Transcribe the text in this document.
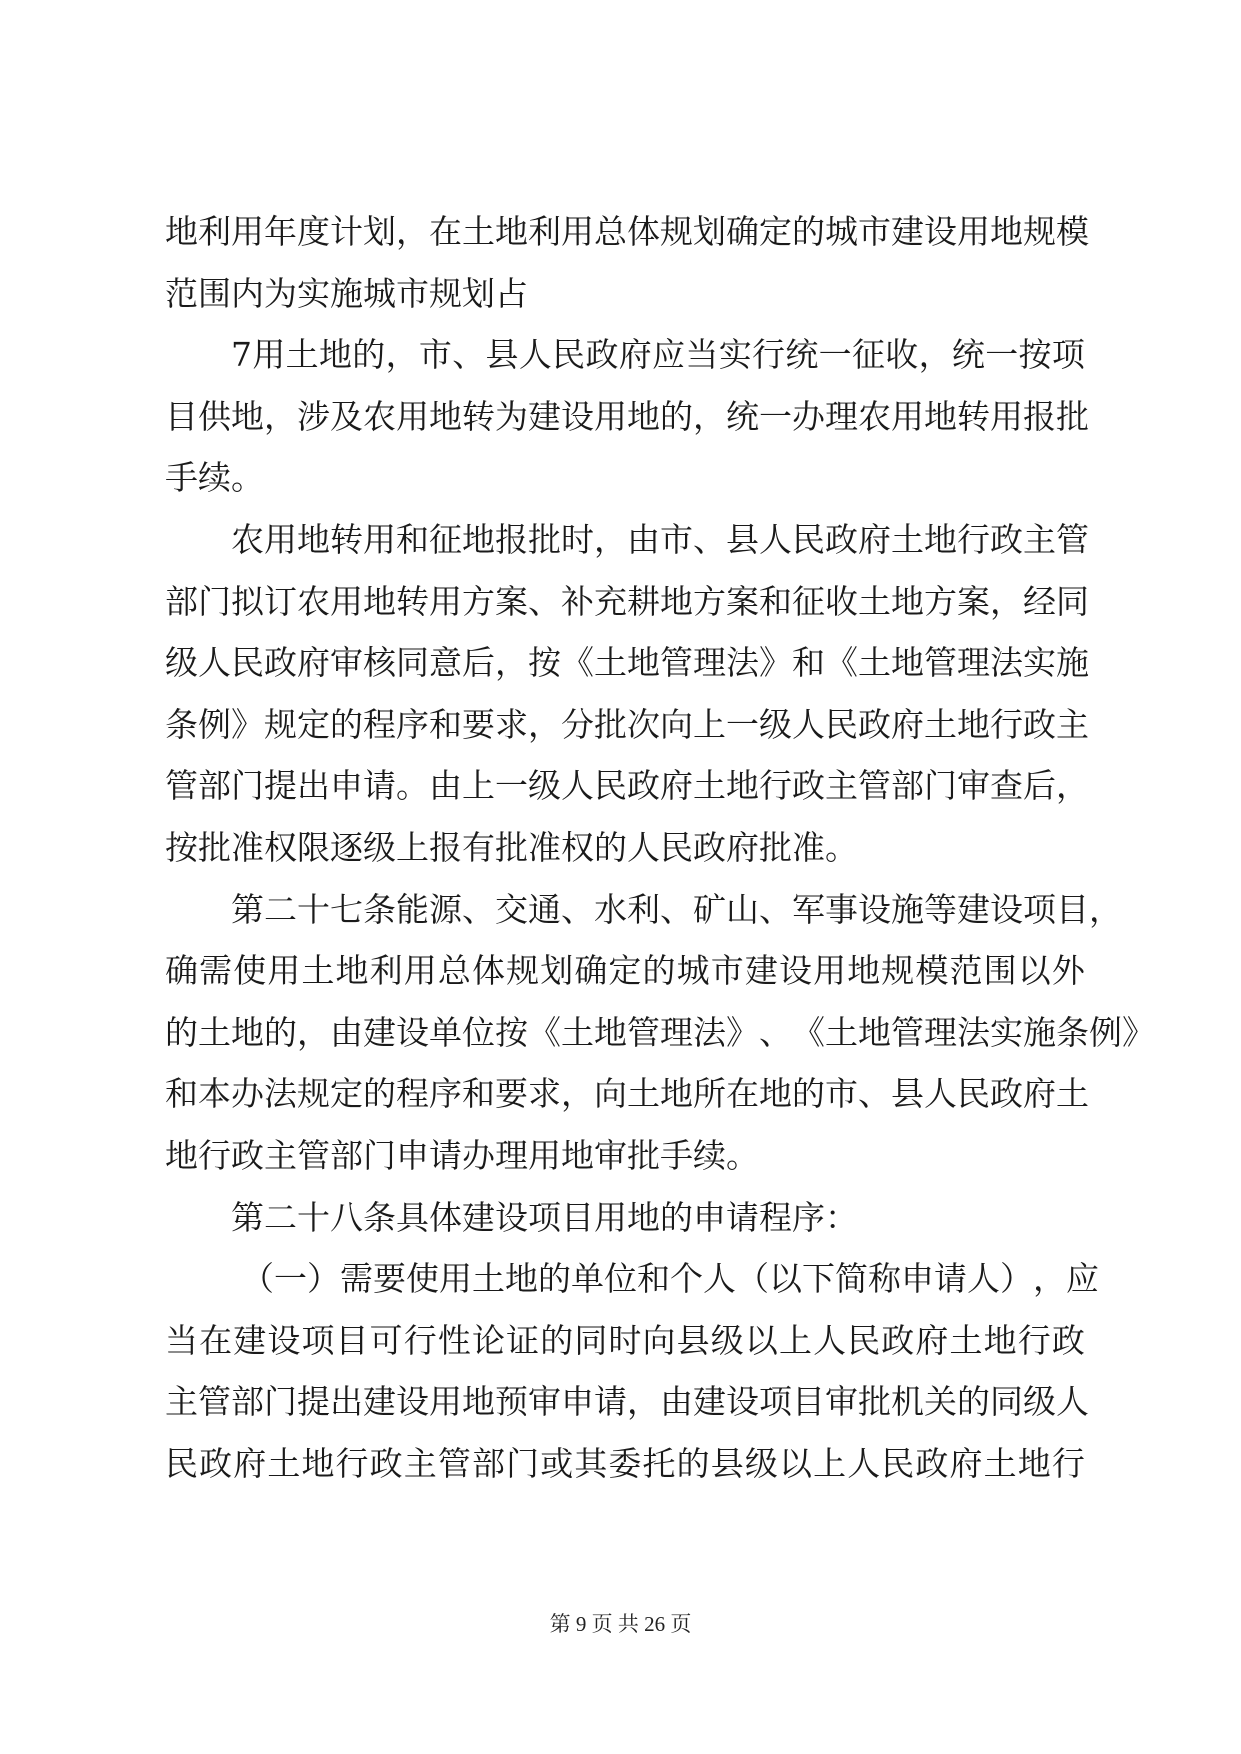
地 利 用 年 度 计 划 ， 在 土 地 利 用 总 体 规 划 确 定 的 城 市 建 设 用 地 规 模
范围内为实施城市规划占
7 用 土 地 的 ， 市 、 县 人 民 政 府 应 当 实 行 统 一 征 收 ， 统 一 按 项
目 供 地 ， 涉 及 农 用 地 转 为 建 设 用 地 的 ， 统 一 办 理 农 用 地 转 用 报 批
手续。
农 用 地 转 用 和 征 地 报 批 时 ， 由 市 、 县 人 民 政 府 土 地 行 政 主 管
部 门 拟 订 农 用 地 转 用 方 案 、 补 充 耕 地 方 案 和 征 收 土 地 方 案 ， 经 同
级 人 民 政 府 审 核 同 意 后 ， 按 《 土 地 管 理 法 》 和 《 土 地 管 理 法 实 施
条 例 》 规 定 的 程 序 和 要 求 ， 分 批 次 向 上 一 级 人 民 政 府 土 地 行 政 主
管 部 门 提 出 申 请 。 由 上 一 级 人 民 政 府 土 地 行 政 主 管 部 门 审 查 后 ，
按批准权限逐级上报有批准权的人民政府批准。
第 二 十 七 条 能 源 、 交 通 、 水 利 、 矿 山 、 军 事 设 施 等 建 设 项 目 ，
确 需 使 用 土 地 利 用 总 体 规 划 确 定 的 城 市 建 设 用 地 规 模 范 围 以 外
的 土 地 的 ， 由 建 设 单 位 按 《 土 地 管 理 法 》 、 《 土 地 管 理 法 实 施 条 例 》
和 本 办 法 规 定 的 程 序 和 要 求 ， 向 土 地 所 在 地 的 市 、 县 人 民 政 府 土
地行政主管部门申请办理用地审批手续。
第二十八条具体建设项目用地的申请程序：
（ 一 ） 需 要 使 用 土 地 的 单 位 和 个 人 （ 以 下 简 称 申 请 人 ） ， 应
当 在 建 设 项 目 可 行 性 论 证 的 同 时 向 县 级 以 上 人 民 政 府 土 地 行 政
主 管 部 门 提 出 建 设 用 地 预 审 申 请 ， 由 建 设 项 目 审 批 机 关 的 同 级 人
民 政 府 土 地 行 政 主 管 部 门 或 其 委 托 的 县 级 以 上 人 民 政 府 土 地 行
第 9 页 共 26 页
